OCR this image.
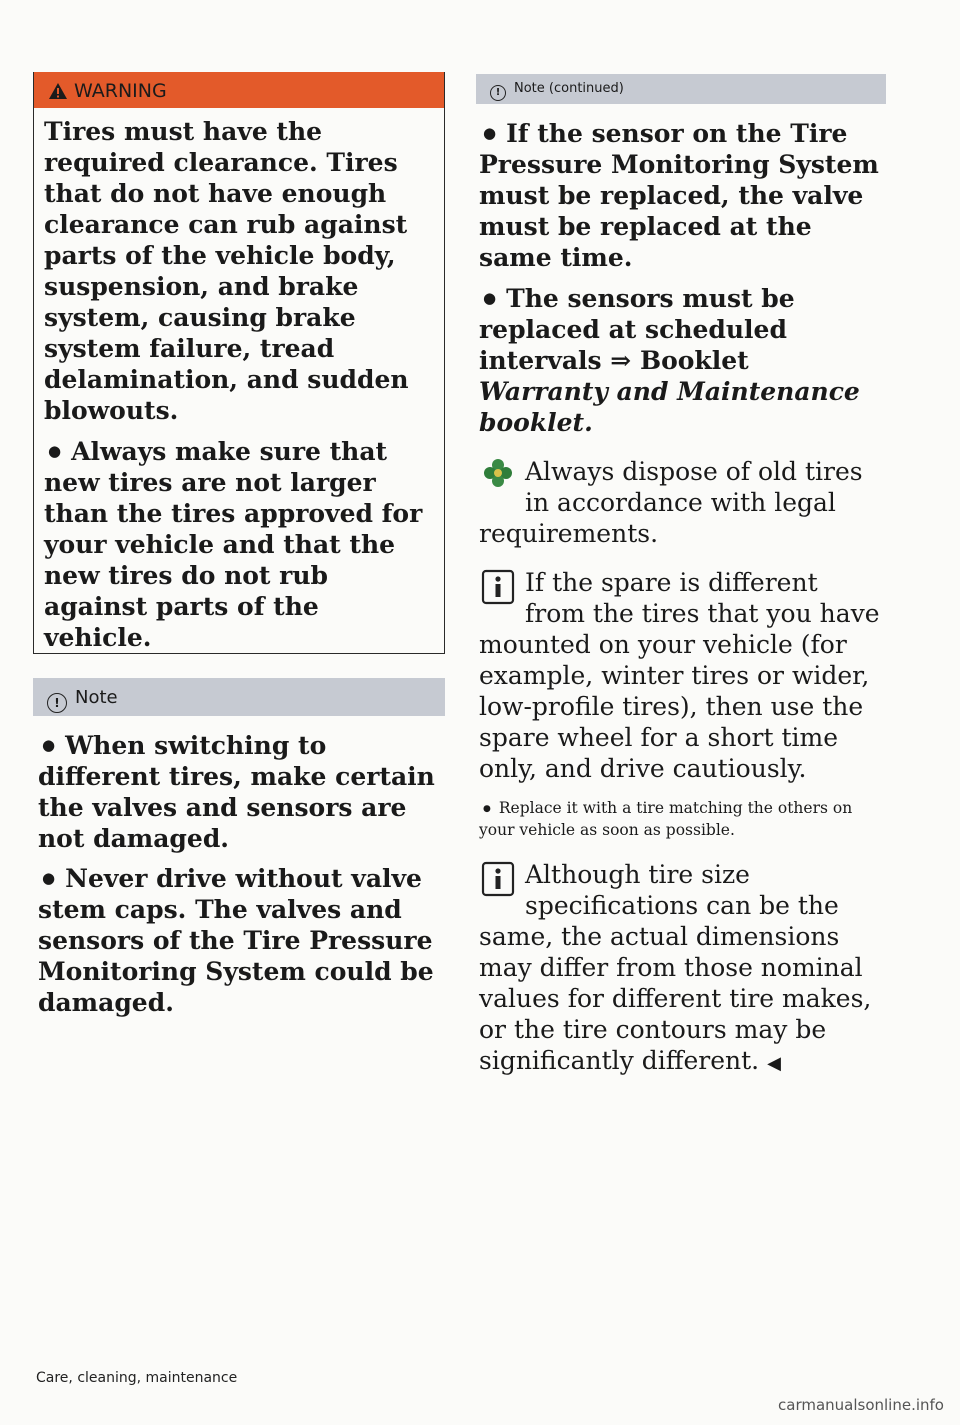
WARNING

Tires must have the required clearance. Tires that do not have enough clearance can rub against parts of the vehicle body, suspension, and brake system, causing brake system failure, tread delamination, and sudden blowouts.

● Always make sure that new tires are not larger than the tires approved for your vehicle and that the new tires do not rub against parts of the vehicle.

! Note

● When switching to different tires, make certain the valves and sensors are not damaged.

● Never drive without valve stem caps. The valves and sensors of the Tire Pressure Monitoring System could be damaged.

! Note (continued)

● If the sensor on the Tire Pressure Monitoring System must be replaced, the valve must be replaced at the same time.

● The sensors must be replaced at scheduled intervals ⇒ Booklet Warranty and Maintenance booklet.

Always dispose of old tires in accordance with legal requirements.

If the spare is different from the tires that you have mounted on your vehicle (for example, winter tires or wider, low-profile tires), then use the spare wheel for a short time only, and drive cautiously.

● Replace it with a tire matching the others on your vehicle as soon as possible.

Although tire size specifications can be the same, the actual dimensions may differ from those nominal values for different tire makes, or the tire contours may be significantly different. ◀

Care, cleaning, maintenance
carmanualsonline.info
